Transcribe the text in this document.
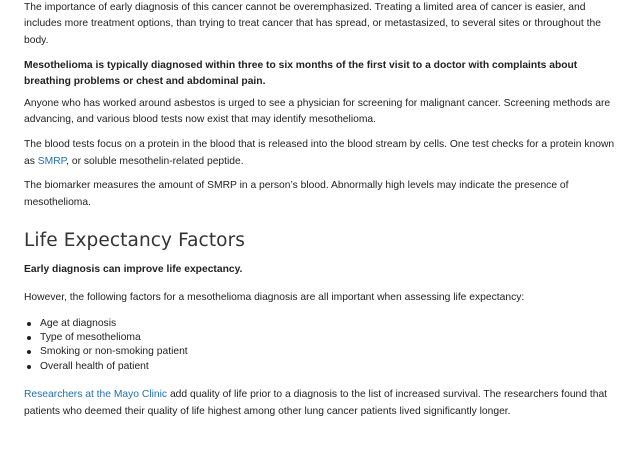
The importance of early diagnosis of this cancer cannot be overemphasized. Treating a limited area of cancer is easier, and includes more treatment options, than trying to treat cancer that has spread, or metastasized, to several sites or throughout the body.

Mesothelioma is typically diagnosed within three to six months of the first visit to a doctor with complaints about breathing problems or chest and abdominal pain.

Anyone who has worked around asbestos is urged to see a physician for screening for malignant cancer. Screening methods are advancing, and various blood tests now exist that may identify mesothelioma.

The blood tests focus on a protein in the blood that is released into the blood stream by cells. One test checks for a protein known as SMRP, or soluble mesothelin-related peptide.

The biomarker measures the amount of SMRP in a person’s blood. Abnormally high levels may indicate the presence of mesothelioma.

Life Expectancy Factors

Early diagnosis can improve life expectancy.

However, the following factors for a mesothelioma diagnosis are all important when assessing life expectancy:

Age at diagnosis
Type of mesothelioma
Smoking or non-smoking patient
Overall health of patient

Researchers at the Mayo Clinic add quality of life prior to a diagnosis to the list of increased survival. The researchers found that patients who deemed their quality of life highest among other lung cancer patients lived significantly longer.
